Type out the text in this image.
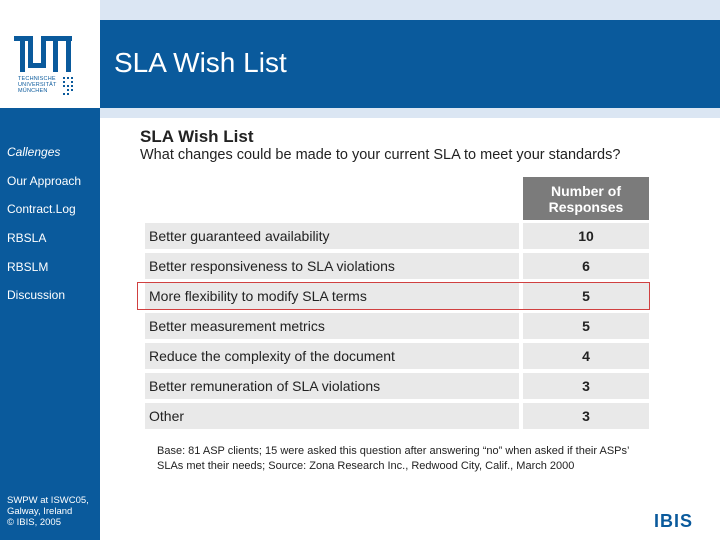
TECHNISCHE
UNIVERSITÄT
MÜNCHEN
SLA Wish List
Callenges
Our Approach
Contract.Log
RBSLA
RBSLM
Discussion
SWPW at ISWC05,
Galway, Ireland
© IBIS, 2005
SLA Wish List
What changes could be made to your current SLA to meet your standards?
Number of
Responses
Better guaranteed availability	10
Better responsiveness to SLA violations	6
More flexibility to modify SLA terms	5
Better measurement metrics	5
Reduce the complexity of the document	4
Better remuneration of SLA violations	3
Other	3
Base: 81 ASP clients; 15 were asked this question after answering “no” when asked if their ASPs’
SLAs met their needs; Source: Zona Research Inc., Redwood City, Calif., March 2000
IBIS
